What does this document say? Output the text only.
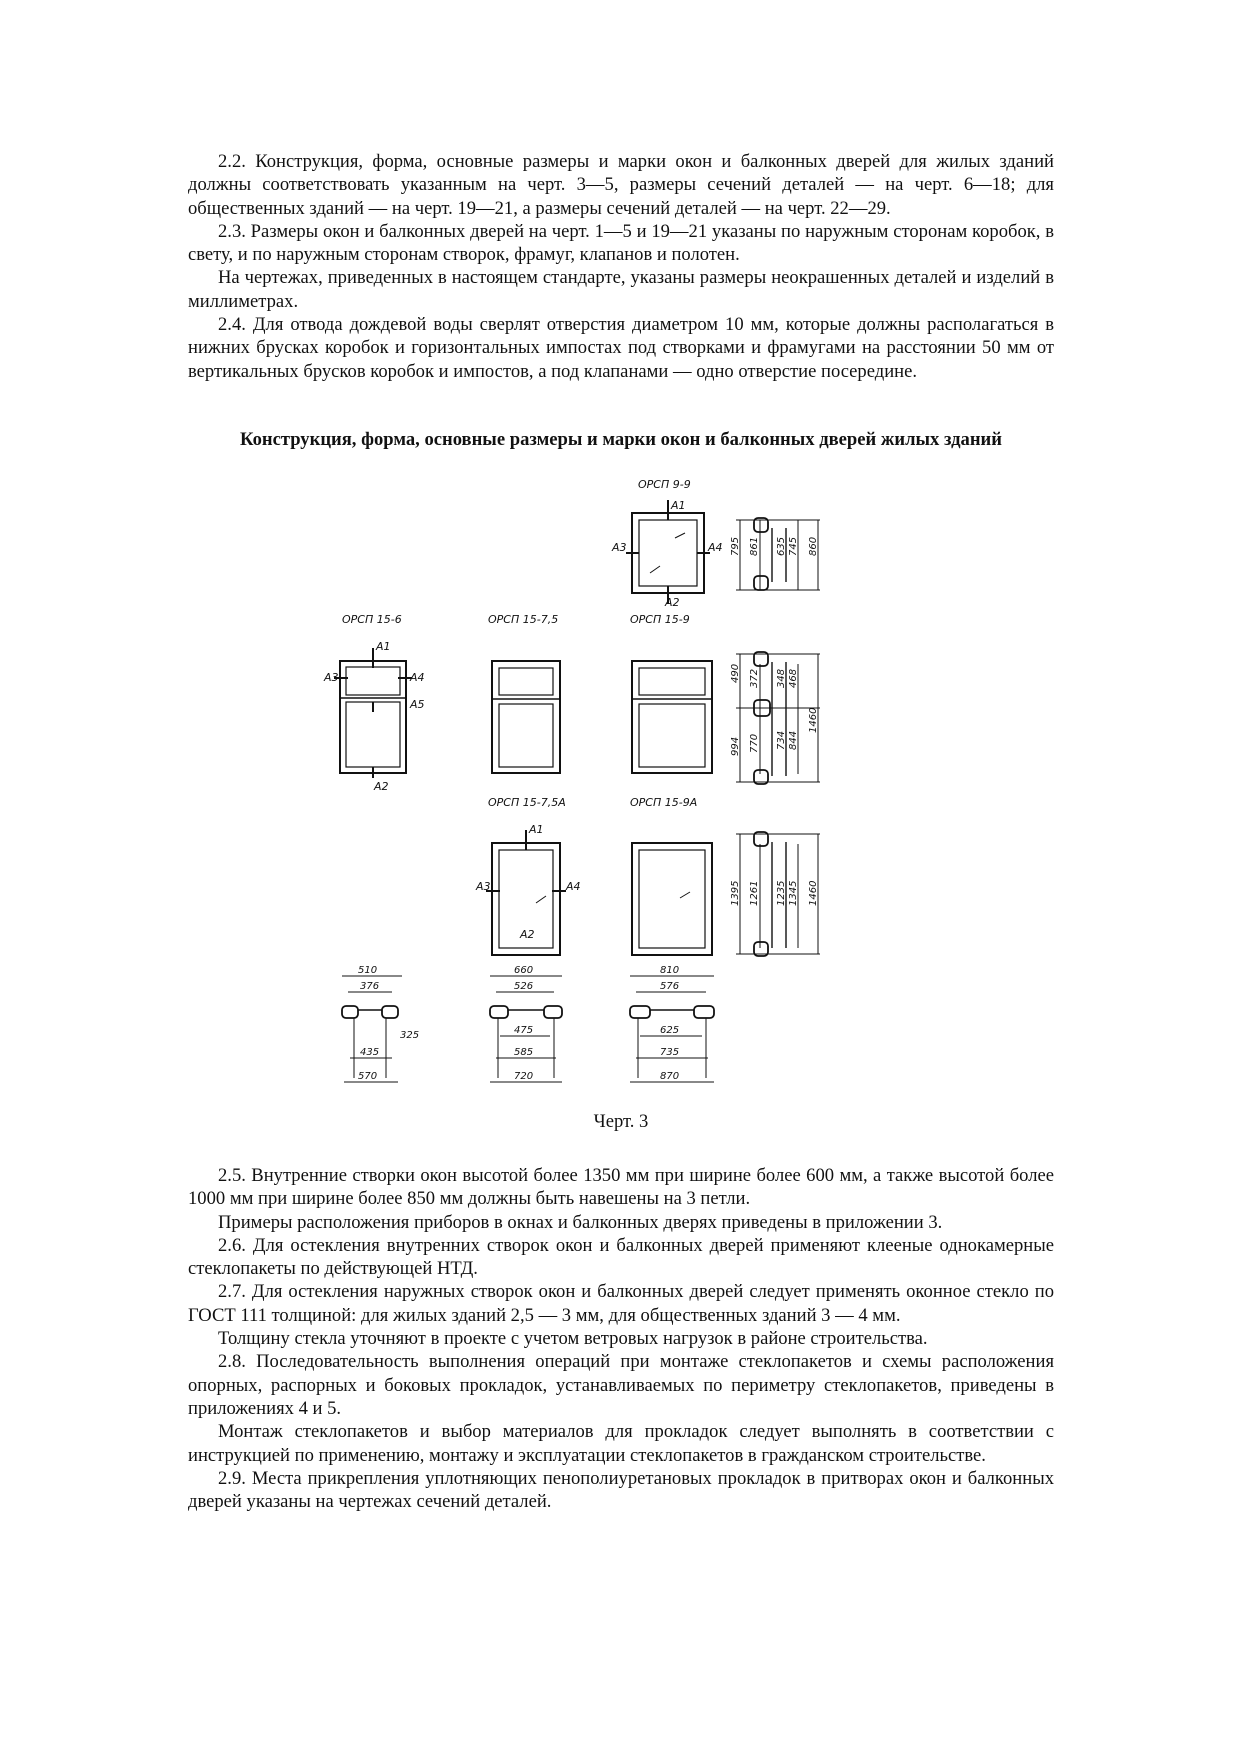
2.2. Конструкция, форма, основные размеры и марки окон и балконных дверей для жилых зданий должны соответствовать указанным на черт. 3—5, размеры сечений деталей — на черт. 6—18; для общественных зданий — на черт. 19—21, а размеры сечений деталей — на черт. 22—29.

2.3. Размеры окон и балконных дверей на черт. 1—5 и 19—21 указаны по наружным сторонам коробок, в свету, и по наружным сторонам створок, фрамуг, клапанов и полотен.

На чертежах, приведенных в настоящем стандарте, указаны размеры неокрашенных деталей и изделий в миллиметрах.

2.4. Для отвода дождевой воды сверлят отверстия диаметром 10 мм, которые должны располагаться в нижних брусках коробок и горизонтальных импостах под створками и фрамугами на расстоянии 50 мм от вертикальных брусков коробок и импостов, а под клапанами — одно отверстие посередине.

Конструкция, форма, основные размеры и марки окон и балконных дверей жилых зданий
ОРСП 9-9
А1
А3	А4
А2
795 861 635 745 860
ОРСП 15-6	ОРСП 15-7,5	ОРСП 15-9
А1
А3	А4
А5
А2
490 372 348 468
994 770 734 844
1460
ОРСП 15-7,5А	ОРСП 15-9А
А1
А3	А4
А2
1395 1261 1235 1345 1460
510
376
325
435
570
660
526
475
585
720
810
576
625
735
870
Черт. 3

2.5. Внутренние створки окон высотой более 1350 мм при ширине более 600 мм, а также высотой более 1000 мм при ширине более 850 мм должны быть навешены на 3 петли.

Примеры расположения приборов в окнах и балконных дверях приведены в приложении 3.

2.6. Для остекления внутренних створок окон и балконных дверей применяют клееные однокамерные стеклопакеты по действующей НТД.

2.7. Для остекления наружных створок окон и балконных дверей следует применять оконное стекло по ГОСТ 111 толщиной: для жилых зданий 2,5 — 3 мм, для общественных зданий 3 — 4 мм.

Толщину стекла уточняют в проекте с учетом ветровых нагрузок в районе строительства.

2.8. Последовательность выполнения операций при монтаже стеклопакетов и схемы расположения опорных, распорных и боковых прокладок, устанавливаемых по периметру стеклопакетов, приведены в приложениях 4 и 5.

Монтаж стеклопакетов и выбор материалов для прокладок следует выполнять в соответствии с инструкцией по применению, монтажу и эксплуатации стеклопакетов в гражданском строительстве.

2.9. Места прикрепления уплотняющих пенополиуретановых прокладок в притворах окон и балконных дверей указаны на чертежах сечений деталей.
